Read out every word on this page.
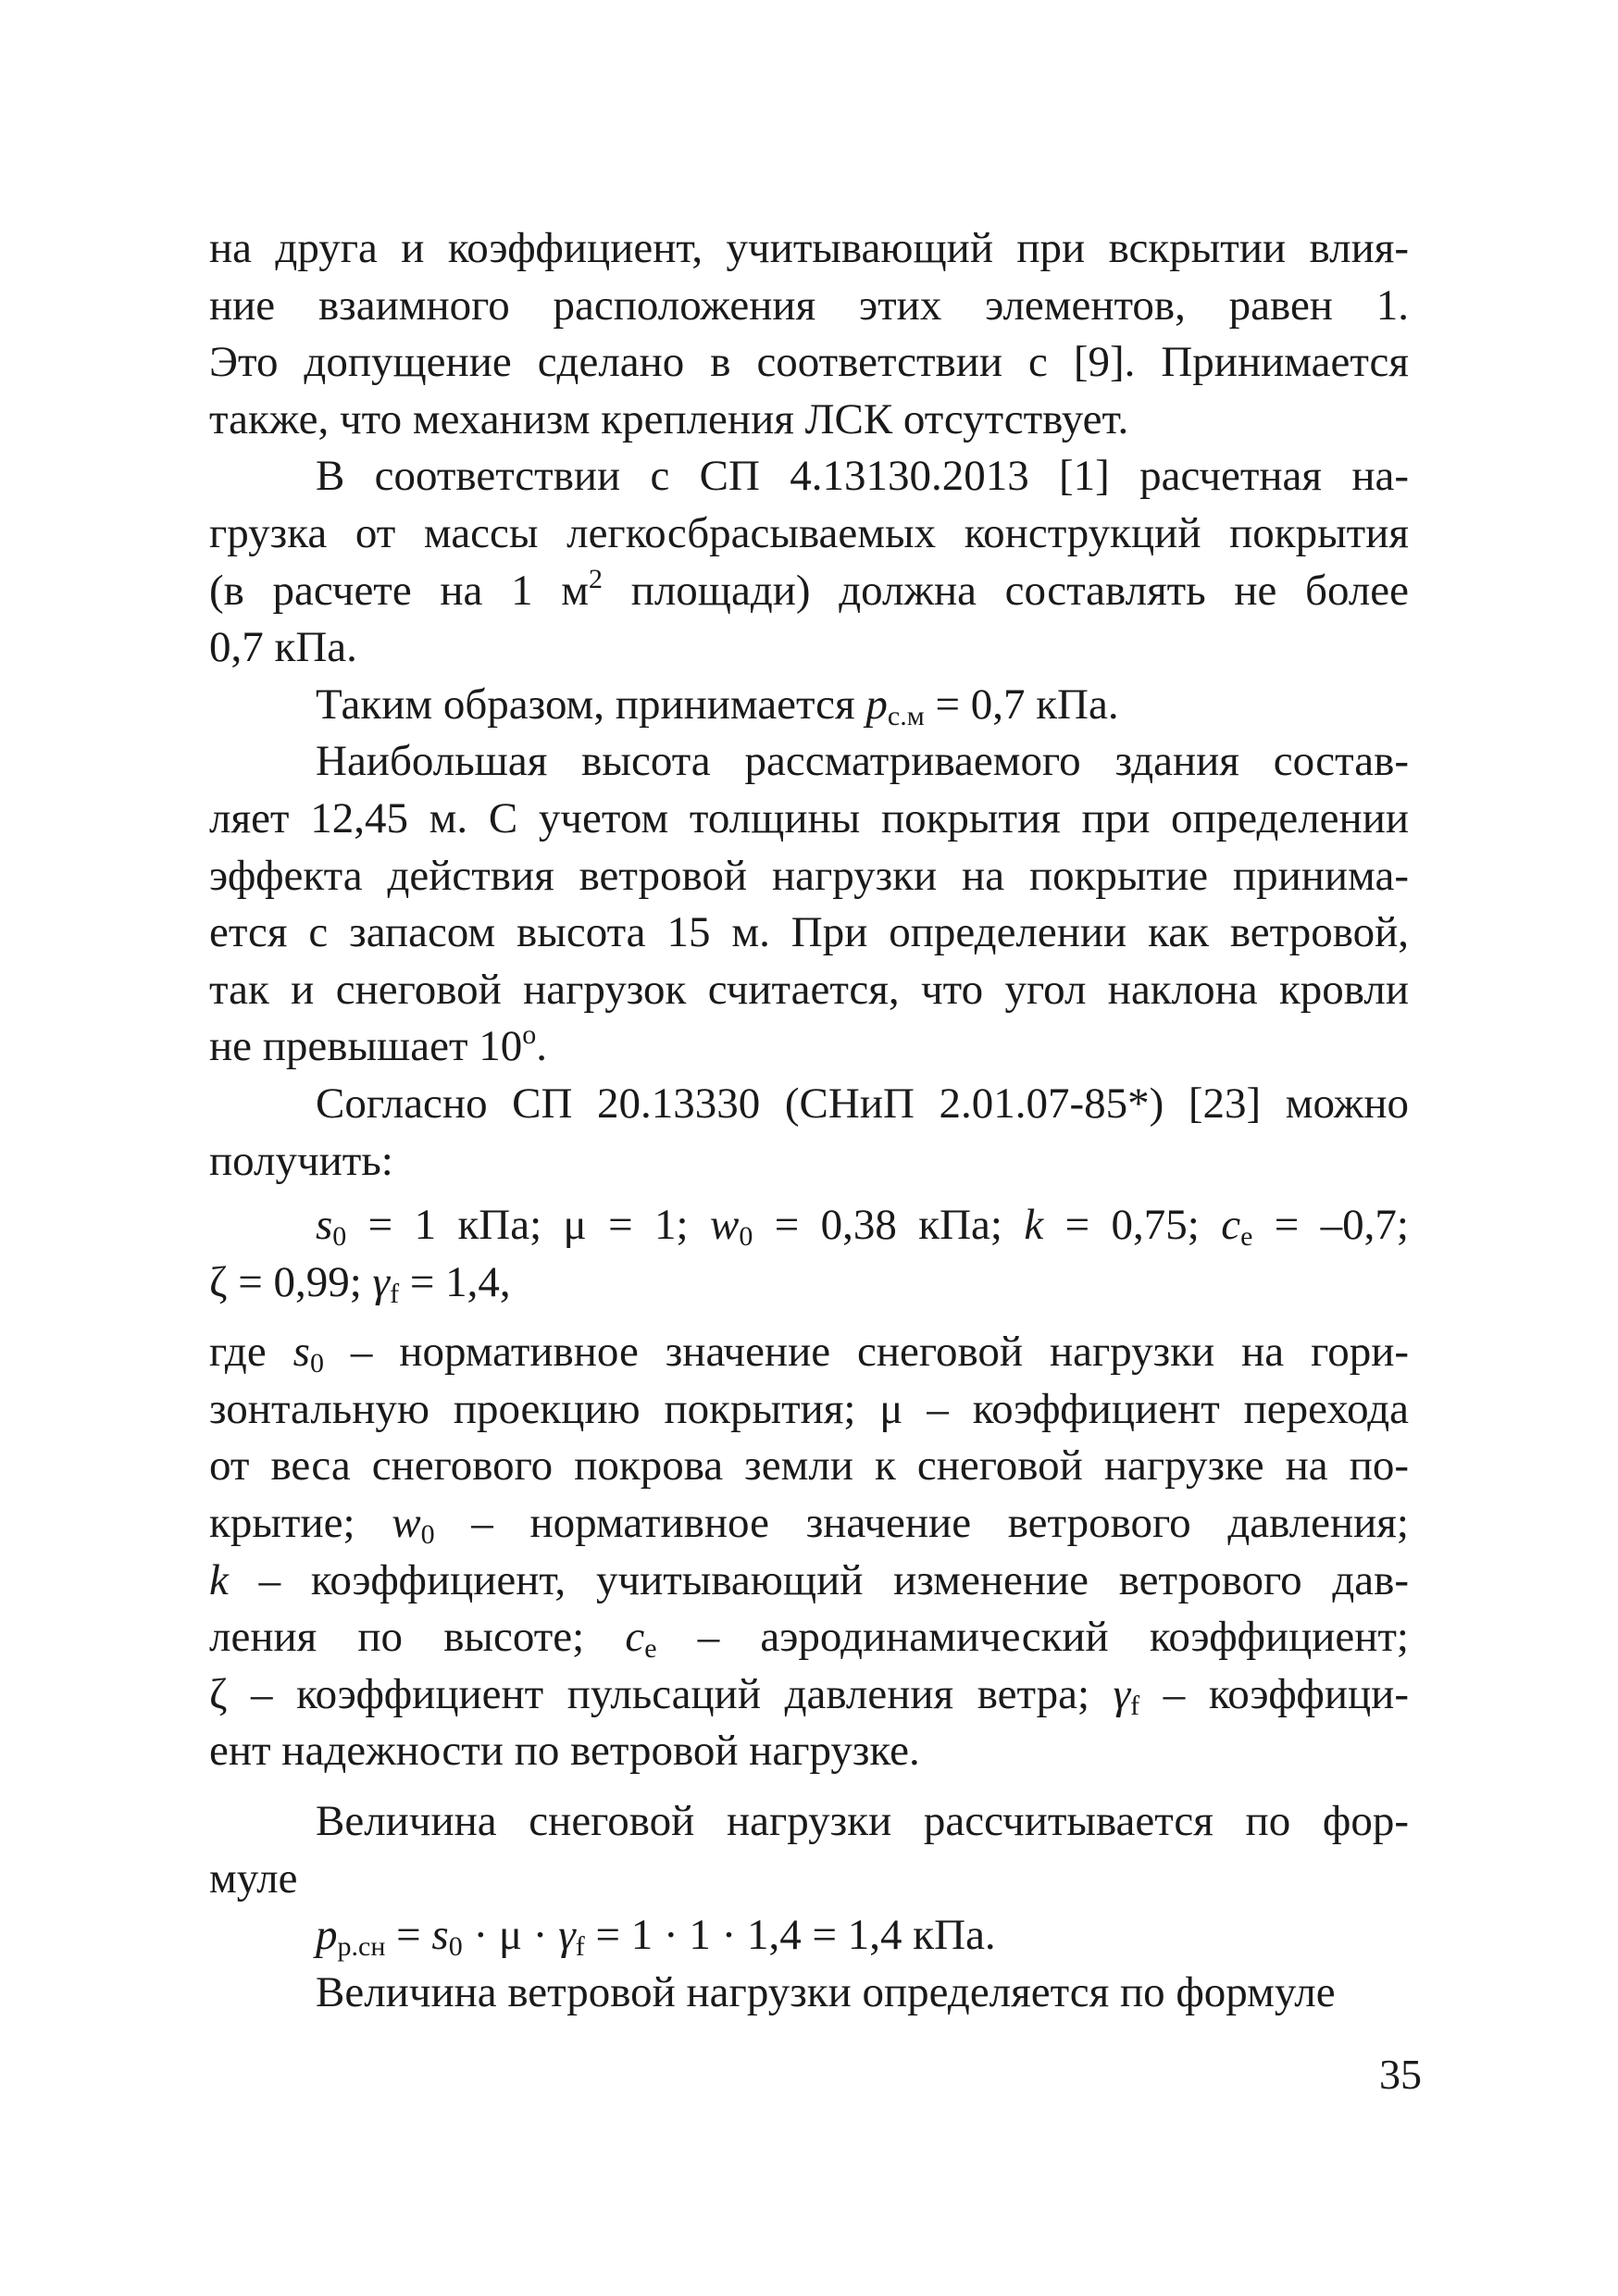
на друга и коэффициент, учитывающий при вскрытии влия-
ние взаимного расположения этих элементов, равен 1.
Это допущение сделано в соответствии с [9]. Принимается
также, что механизм крепления ЛСК отсутствует.
В соответствии с СП 4.13130.2013 [1] расчетная на-
грузка от массы легкосбрасываемых конструкций покрытия
(в расчете на 1 $м^2$ площади) должна составлять не более
0,7 кПа.
Таким образом, принимается $p_{с.м} = 0,7$ кПа.
Наибольшая высота рассматриваемого здания состав-
ляет 12,45 м. С учетом толщины покрытия при определении
эффекта действия ветровой нагрузки на покрытие принима-
ется с запасом высота 15 м. При определении как ветровой,
так и снеговой нагрузок считается, что угол наклона кровли
не превышает $10^о$.
Согласно СП 20.13330 (СНиП 2.01.07-85*) [23] можно
получить:
$s_0 = 1$ кПа; μ = 1; $w_0 = 0,38$ кПа; k = 0,75; $c_e = -0,7$;
ζ = 0,99; $\gamma_f = 1,4$,
где $s_0$ – нормативное значение снеговой нагрузки на гори-
зонтальную проекцию покрытия; μ – коэффициент перехода
от веса снегового покрова земли к снеговой нагрузке на по-
крытие; $w_0$ – нормативное значение ветрового давления;
k – коэффициент, учитывающий изменение ветрового дав-
ления по высоте; $c_e$ – аэродинамический коэффициент;
ζ – коэффициент пульсаций давления ветра; $\gamma_f$ – коэффици-
ент надежности по ветровой нагрузке.
Величина снеговой нагрузки рассчитывается по фор-
муле
$p_{р.сн} = s_0 \cdot \mu \cdot \gamma_f = 1 \cdot 1 \cdot 1,4 = 1,4$ кПа.
Величина ветровой нагрузки определяется по формуле
35
